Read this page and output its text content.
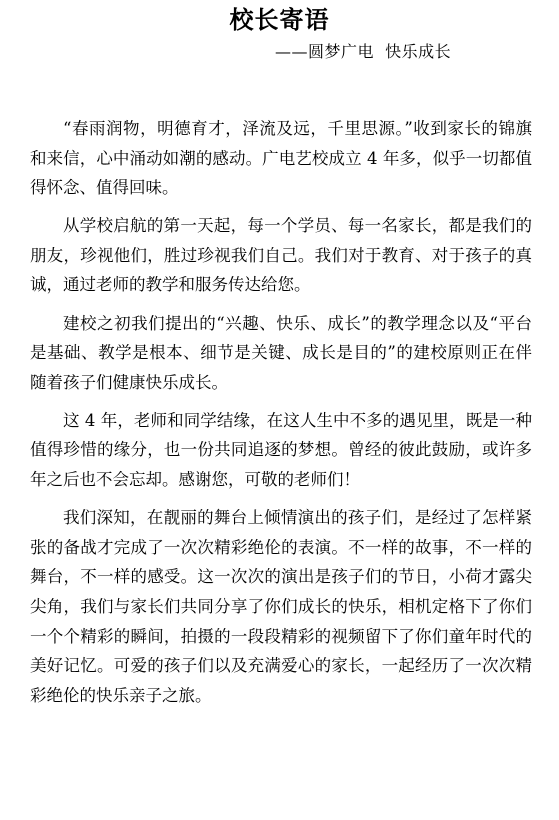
校长寄语
——圆梦广电  快乐成长

“春雨润物，明德育才，泽流及远，千里思源。”收到家长的锦旗和来信，心中涌动如潮的感动。广电艺校成立 4 年多，似乎一切都值得怀念、值得回味。

从学校启航的第一天起，每一个学员、每一名家长，都是我们的朋友，珍视他们，胜过珍视我们自己。我们对于教育、对于孩子的真诚，通过老师的教学和服务传达给您。

建校之初我们提出的“兴趣、快乐、成长”的教学理念以及“平台是基础、教学是根本、细节是关键、成长是目的”的建校原则正在伴随着孩子们健康快乐成长。

这 4 年，老师和同学结缘，在这人生中不多的遇见里，既是一种值得珍惜的缘分，也一份共同追逐的梦想。曾经的彼此鼓励，或许多年之后也不会忘却。感谢您，可敬的老师们！

我们深知，在靓丽的舞台上倾情演出的孩子们，是经过了怎样紧张的备战才完成了一次次精彩绝伦的表演。不一样的故事，不一样的舞台，不一样的感受。这一次次的演出是孩子们的节日，小荷才露尖尖角，我们与家长们共同分享了你们成长的快乐，相机定格下了你们一个个精彩的瞬间，拍摄的一段段精彩的视频留下了你们童年时代的美好记忆。可爱的孩子们以及充满爱心的家长，一起经历了一次次精彩绝伦的快乐亲子之旅。
